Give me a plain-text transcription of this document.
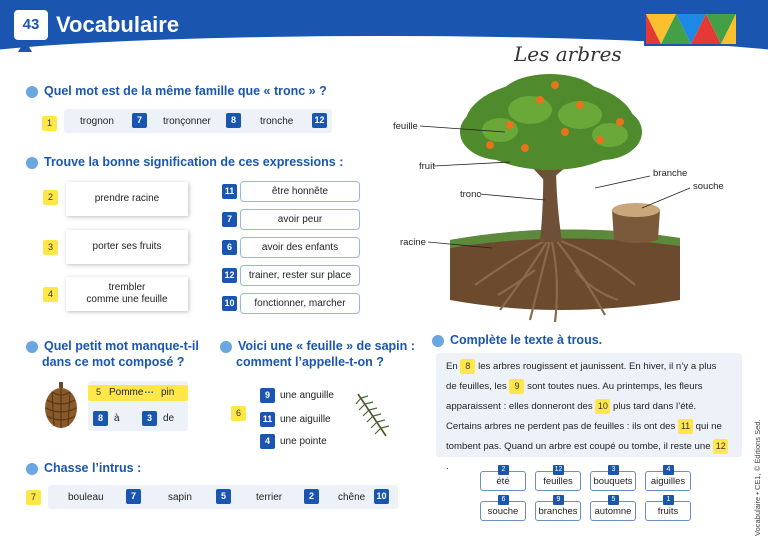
43 Vocabulaire
Quel mot est de la même famille que « tronc » ?
1	trognon	7	tronçonner	8	tronche 12
Trouve la bonne signification de ces expressions :
2	prendre racine
3	porter ses fruits
4
trembler
comme une feuille
11	être honnête
7	avoir peur
6	avoir des enfants
12	trainer, rester sur place
10	fonctionner, marcher
Les arbres
feuille
fruit
branche
souche
tronc
racine
Quel petit mot manque-t-il
dans ce mot composé ?
5 Pomme … pin
8	à	3	de
Voici une « feuille » de sapin :
comment l’appelle-t-on ?
6
9	une anguille
11 une aiguille
4	une pointe
Chasse l’intrus :
7	bouleau	7	sapin	5	terrier	2	chêne 10
Complète le texte à trous.
En 8 les arbres rougissent et jaunissent. En hiver, il n’y a plus
de feuilles, les 9 sont toutes nues. Au printemps, les fleurs
apparaissent : elles donneront des 10 plus tard dans l’été.
Certains arbres ne perdent pas de feuilles : ils ont des 11 qui ne
tombent pas. Quand un arbre est coupé ou tombe, il reste une 12 .	2
été
12
feuilles
3
bouquets
4
aiguilles
6
souche
9
branches
5
automne
1
fruits	Vocabulaire • CE1, © Éditions Sed.
